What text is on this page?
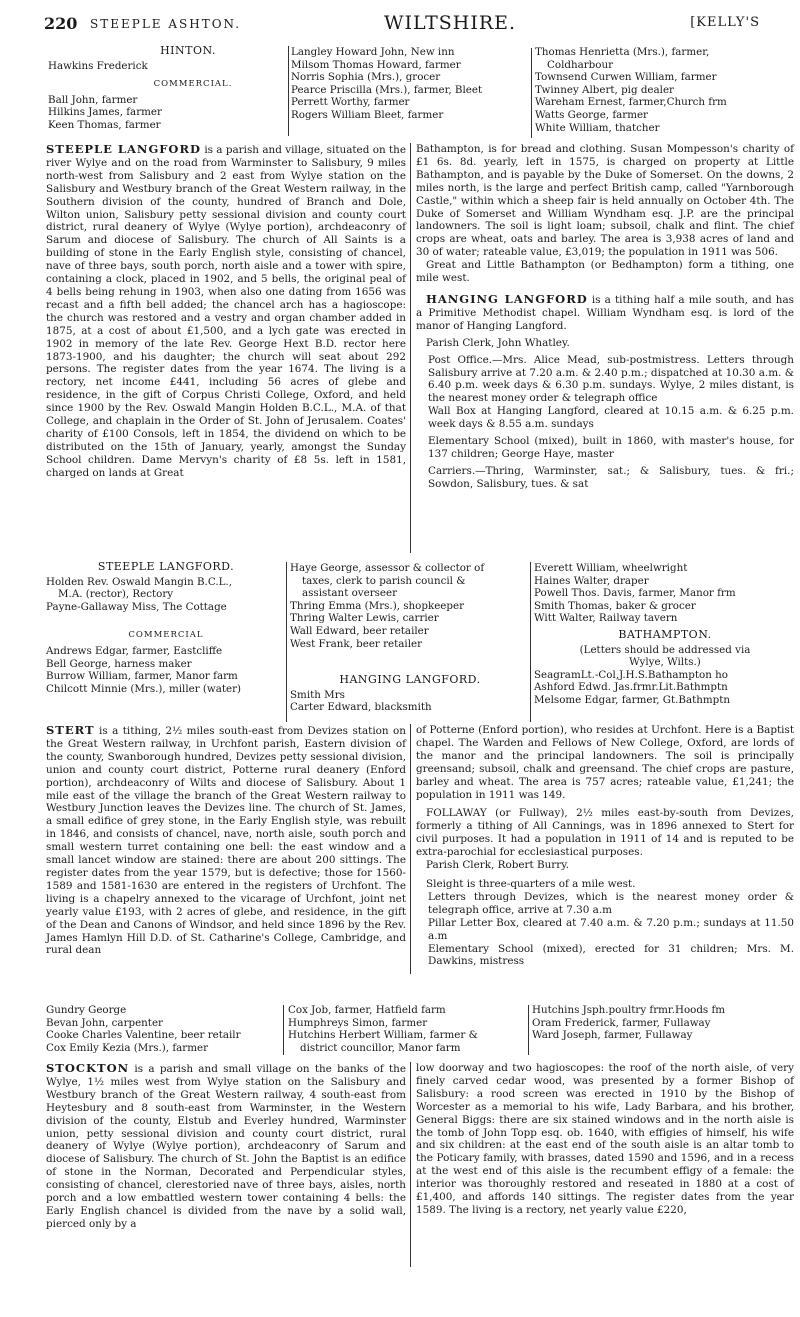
220 STEEPLE ASHTON.	WILTSHIRE.	[KELLY'S
HINTON.
Hawkins Frederick
COMMERCIAL.
Ball John, farmer
Hilkins James, farmer
Keen Thomas, farmer
Langley Howard John, New inn
Milsom Thomas Howard, farmer
Norris Sophia (Mrs.), grocer
Pearce Priscilla (Mrs.), farmer, Bleet
Perrett Worthy, farmer
Rogers William Bleet, farmer
Thomas Henrietta (Mrs.), farmer,
Coldharbour
Townsend Curwen William, farmer
Twinney Albert, pig dealer
Wareham Ernest, farmer,Church frm
Watts George, farmer
White William, thatcher

STEEPLE LANGFORD is a parish and village, situated on the river Wylye and on the road from Warminster to Salisbury, 9 miles north-west from Salisbury and 2 east from Wylye station on the Salisbury and Westbury branch of the Great Western railway, in the Southern division of the county, hundred of Branch and Dole, Wilton union, Salisbury petty sessional division and county court district, rural deanery of Wylye (Wylye portion), archdeaconry of Sarum and diocese of Salisbury. The church of All Saints is a building of stone in the Early English style, consisting of chancel, nave of three bays, south porch, north aisle and a tower with spire, containing a clock, placed in 1902, and 5 bells, the original peal of 4 bells being rehung in 1903, when also one dating from 1656 was recast and a fifth bell added; the chancel arch has a hagioscope: the church was restored and a vestry and organ chamber added in 1875, at a cost of about £1,500, and a lych gate was erected in 1902 in memory of the late Rev. George Hext B.D. rector here 1873-1900, and his daughter; the church will seat about 292 persons. The register dates from the year 1674. The living is a rectory, net income £441, including 56 acres of glebe and residence, in the gift of Corpus Christi College, Oxford, and held since 1900 by the Rev. Oswald Mangin Holden B.C.L., M.A. of that College, and chaplain in the Order of St. John of Jerusalem. Coates' charity of £100 Consols, left in 1854, the dividend on which to be distributed on the 15th of January, yearly, amongst the Sunday School children. Dame Mervyn's charity of £8 5s. left in 1581, charged on lands at Great

Bathampton, is for bread and clothing. Susan Mompesson's charity of £1 6s. 8d. yearly, left in 1575, is charged on property at Little Bathampton, and is payable by the Duke of Somerset. On the downs, 2 miles north, is the large and perfect British camp, called "Yarnborough Castle," within which a sheep fair is held annually on October 4th. The Duke of Somerset and William Wyndham esq. J.P. are the principal landowners. The soil is light loam; subsoil, chalk and flint. The chief crops are wheat, oats and barley. The area is 3,938 acres of land and 30 of water; rateable value, £3,019; the population in 1911 was 506.

Great and Little Bathampton (or Bedhampton) form a tithing, one mile west.

HANGING LANGFORD is a tithing half a mile south, and has a Primitive Methodist chapel. William Wyndham esq. is lord of the manor of Hanging Langford.

Parish Clerk, John Whatley.

Post Office.—Mrs. Alice Mead, sub-postmistress. Letters through Salisbury arrive at 7.20 a.m. & 2.40 p.m.; dispatched at 10.30 a.m. & 6.40 p.m. week days & 6.30 p.m. sundays. Wylye, 2 miles distant, is the nearest money order & telegraph office

Wall Box at Hanging Langford, cleared at 10.15 a.m. & 6.25 p.m. week days & 8.55 a.m. sundays

Elementary School (mixed), built in 1860, with master's house, for 137 children; George Haye, master

Carriers.—Thring, Warminster, sat.; & Salisbury, tues. & fri.; Sowdon, Salisbury, tues. & sat

STEEPLE LANGFORD.
Holden Rev. Oswald Mangin B.C.L.,
M.A. (rector), Rectory
Payne-Gallaway Miss, The Cottage
COMMERCIAL
Andrews Edgar, farmer, Eastcliffe
Bell George, harness maker
Burrow William, farmer, Manor farm
Chilcott Minnie (Mrs.), miller (water)
Haye George, assessor & collector of
taxes, clerk to parish council &
assistant overseer
Thring Emma (Mrs.), shopkeeper
Thring Walter Lewis, carrier
Wall Edward, beer retailer
West Frank, beer retailer
HANGING LANGFORD.
Smith Mrs
Carter Edward, blacksmith
Everett William, wheelwright
Haines Walter, draper
Powell Thos. Davis, farmer, Manor frm
Smith Thomas, baker & grocer
Witt Walter, Railway tavern
BATHAMPTON.
(Letters should be addressed via
Wylye, Wilts.)
SeagramLt.-Col,J.H.S.Bathampton ho
Ashford Edwd. Jas.frmr.Lit.Bathmptn
Melsome Edgar, farmer, Gt.Bathmptn

STERT is a tithing, 2½ miles south-east from Devizes station on the Great Western railway, in Urchfont parish, Eastern division of the county, Swanborough hundred, Devizes petty sessional division, union and county court district, Potterne rural deanery (Enford portion), archdeaconry of Wilts and diocese of Salisbury. About 1 mile east of the village the branch of the Great Western railway to Westbury Junction leaves the Devizes line. The church of St. James, a small edifice of grey stone, in the Early English style, was rebuilt in 1846, and consists of chancel, nave, north aisle, south porch and small western turret containing one bell: the east window and a small lancet window are stained: there are about 200 sittings. The register dates from the year 1579, but is defective; those for 1560-1589 and 1581-1630 are entered in the registers of Urchfont. The living is a chapelry annexed to the vicarage of Urchfont, joint net yearly value £193, with 2 acres of glebe, and residence, in the gift of the Dean and Canons of Windsor, and held since 1896 by the Rev. James Hamlyn Hill D.D. of St. Catharine's College, Cambridge, and rural dean

of Potterne (Enford portion), who resides at Urchfont. Here is a Baptist chapel. The Warden and Fellows of New College, Oxford, are lords of the manor and the principal landowners. The soil is principally greensand; subsoil, chalk and greensand. The chief crops are pasture, barley and wheat. The area is 757 acres; rateable value, £1,241; the population in 1911 was 149.

FOLLAWAY (or Fullway), 2½ miles east-by-south from Devizes, formerly a tithing of All Cannings, was in 1896 annexed to Stert for civil purposes. It had a population in 1911 of 14 and is reputed to be extra-parochial for ecclesiastical purposes.

Parish Clerk, Robert Burry.

Sleight is three-quarters of a mile west.

Letters through Devizes, which is the nearest money order & telegraph office, arrive at 7.30 a.m

Pillar Letter Box, cleared at 7.40 a.m. & 7.20 p.m.; sundays at 11.50 a.m

Elementary School (mixed), erected for 31 children; Mrs. M. Dawkins, mistress

Gundry George
Bevan John, carpenter
Cooke Charles Valentine, beer retailr
Cox Emily Kezia (Mrs.), farmer
Cox Job, farmer, Hatfield farm
Humphreys Simon, farmer
Hutchins Herbert William, farmer &
district councillor, Manor farm
Hutchins Jsph.poultry frmr.Hoods fm
Oram Frederick, farmer, Fullaway
Ward Joseph, farmer, Fullaway

STOCKTON is a parish and small village on the banks of the Wylye, 1½ miles west from Wylye station on the Salisbury and Westbury branch of the Great Western railway, 4 south-east from Heytesbury and 8 south-east from Warminster, in the Western division of the county, Elstub and Everley hundred, Warminster union, petty sessional division and county court district, rural deanery of Wylye (Wylye portion), archdeaconry of Sarum and diocese of Salisbury. The church of St. John the Baptist is an edifice of stone in the Norman, Decorated and Perpendicular styles, consisting of chancel, clerestoried nave of three bays, aisles, north porch and a low embattled western tower containing 4 bells: the Early English chancel is divided from the nave by a solid wall, pierced only by a

low doorway and two hagioscopes: the roof of the north aisle, of very finely carved cedar wood, was presented by a former Bishop of Salisbury: a rood screen was erected in 1910 by the Bishop of Worcester as a memorial to his wife, Lady Barbara, and his brother, General Biggs: there are six stained windows and in the north aisle is the tomb of John Topp esq. ob. 1640, with effigies of himself, his wife and six children: at the east end of the south aisle is an altar tomb to the Poticary family, with brasses, dated 1590 and 1596, and in a recess at the west end of this aisle is the recumbent effigy of a female: the interior was thoroughly restored and reseated in 1880 at a cost of £1,400, and affords 140 sittings. The register dates from the year 1589. The living is a rectory, net yearly value £220,
